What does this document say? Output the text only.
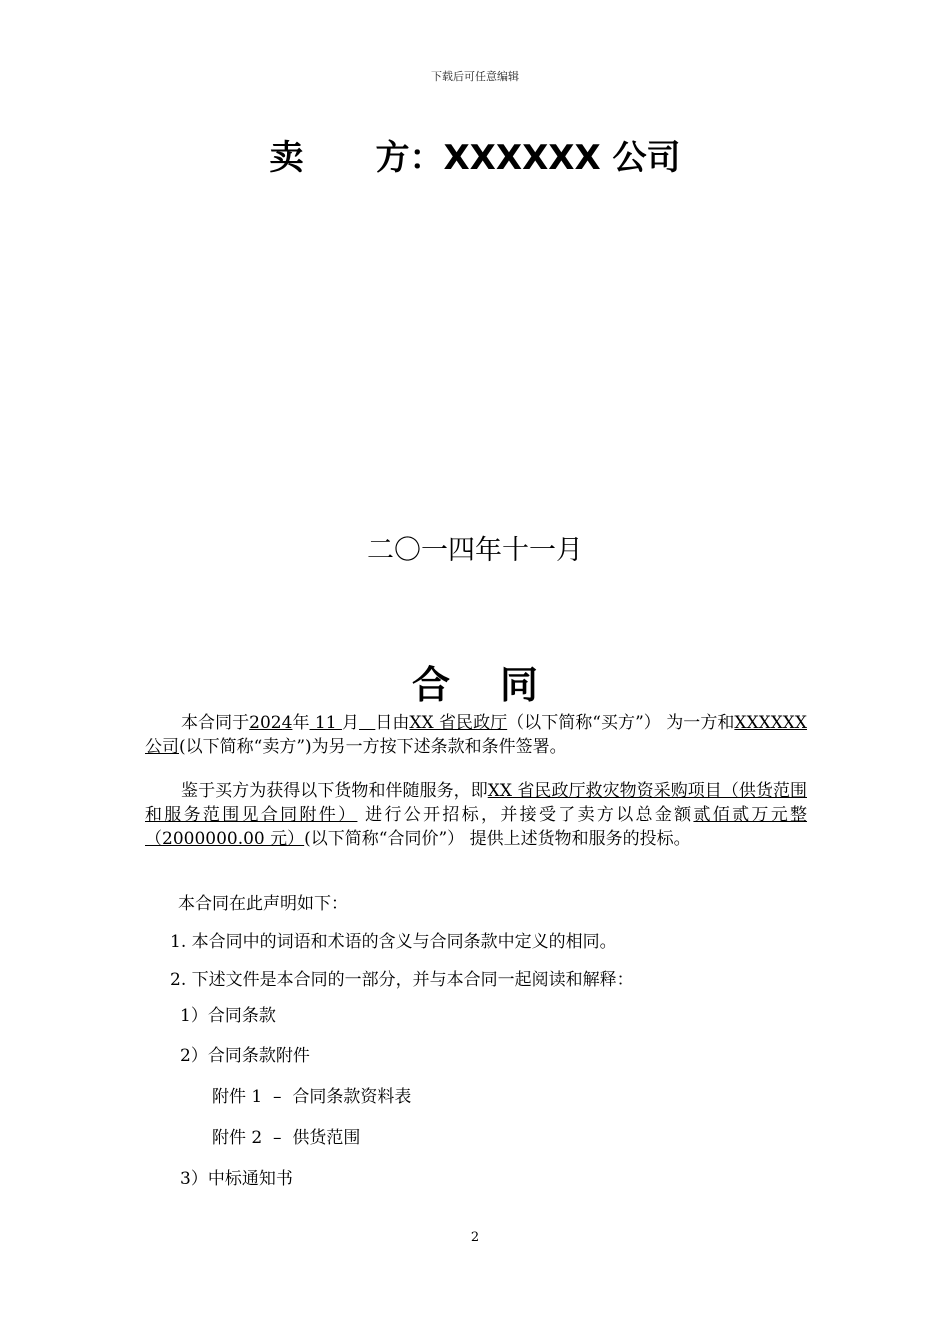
下载后可任意编辑
卖 方：XXXXXX 公司
二〇一四年十一月
合 同
本合同于2024年 11 月 日由XX 省民政厅（以下简称“买方”） 为一方和XXXXXX 公司(以下简称“卖方”)为另一方按下述条款和条件签署。
鉴于买方为获得以下货物和伴随服务，即XX 省民政厅救灾物资采购项目（供货范围和服务范围见合同附件） 进行公开招标，并接受了卖方以总金额贰佰贰万元整（2000000.00 元）(以下简称“合同价”） 提供上述货物和服务的投标。
本合同在此声明如下：
1. 本合同中的词语和术语的含义与合同条款中定义的相同。
2. 下述文件是本合同的一部分，并与本合同一起阅读和解释：
1）合同条款
2）合同条款附件
附件 1  –  合同条款资料表
附件 2  –  供货范围
3）中标通知书
2
